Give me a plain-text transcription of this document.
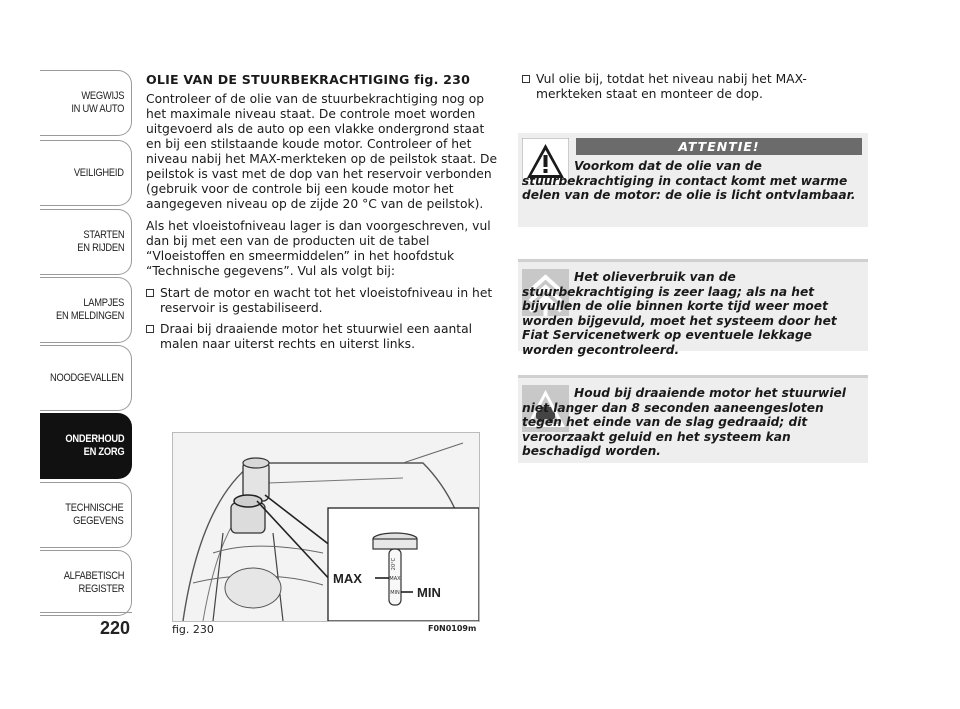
WEGWIJS
IN UW AUTO
VEILIGHEID
STARTEN
EN RIJDEN
LAMPJES
EN MELDINGEN
NOODGEVALLEN
ONDERHOUD
EN ZORG
TECHNISCHE
GEGEVENS
ALFABETISCH
REGISTER
220
OLIE VAN DE STUURBEKRACHTIGING fig. 230

Controleer of de olie van de stuurbekrachtiging nog op het maximale niveau staat. De controle moet worden uitgevoerd als de auto op een vlakke ondergrond staat en bij een stilstaande koude motor. Controleer of het niveau nabij het MAX-merkteken op de peilstok staat. De peilstok is vast met de dop van het reservoir verbonden (gebruik voor de controle bij een koude motor het aangegeven niveau op de zijde 20 °C van de peilstok).

Als het vloeistofniveau lager is dan voorgeschreven, vul dan bij met een van de producten uit de tabel “Vloeistoffen en smeermiddelen” in het hoofdstuk “Technische gegevens”. Vul als volgt bij:

Start de motor en wacht tot het vloeistofniveau in het reservoir is gestabiliseerd.
Draai bij draaiende motor het stuurwiel een aantal malen naar uiterst rechts en uiterst links.
20°C
MAX
MIN
MAX
MIN
fig. 230	F0N0109m
Vul olie bij, totdat het niveau nabij het MAX-merkteken staat en monteer de dop.
ATTENTIE!
Voorkom dat de olie van de stuurbekrachtiging in contact komt met warme delen van de motor: de olie is licht ontvlambaar.
Het olieverbruik van de stuurbekrachtiging is zeer laag; als na het bijvullen de olie binnen korte tijd weer moet worden bijgevuld, moet het systeem door het Fiat Servicenetwerk op eventuele lekkage worden gecontroleerd.
Houd bij draaiende motor het stuurwiel niet langer dan 8 seconden aaneengesloten tegen het einde van de slag gedraaid; dit veroorzaakt geluid en het systeem kan beschadigd worden.
